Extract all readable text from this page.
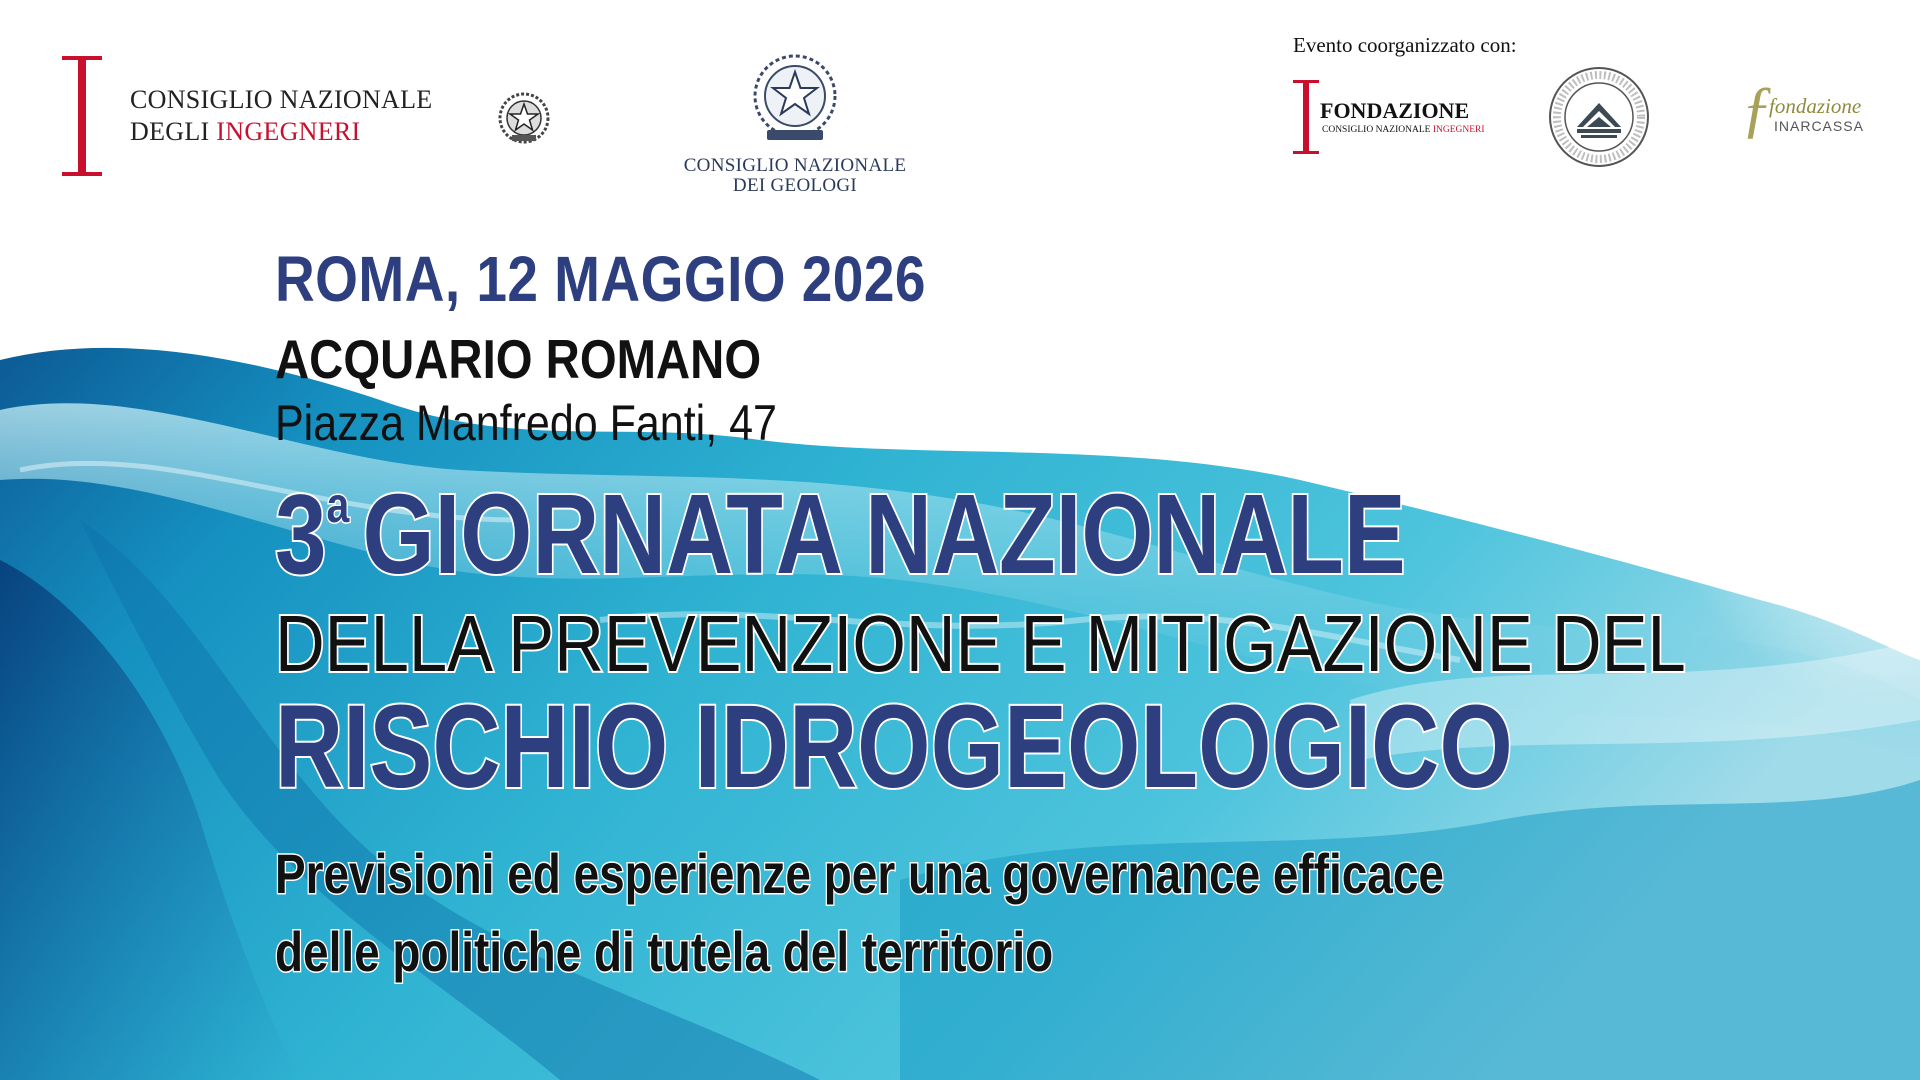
CONSIGLIO NAZIONALE
DEGLI INGEGNERI
CONSIGLIO NAZIONALE
DEI GEOLOGI
Evento coorganizzato con:
FONDAZIONE
CONSIGLIO NAZIONALE INGEGNERI	ƒ
fondazione
INARCASSA
ROMA, 12 MAGGIO 2026
ACQUARIO ROMANO
Piazza Manfredo Fanti, 47
3a GIORNATA NAZIONALE
DELLA PREVENZIONE E MITIGAZIONE DEL
RISCHIO IDROGEOLOGICO
Previsioni ed esperienze per una governance efficace
delle politiche di tutela del territorio
